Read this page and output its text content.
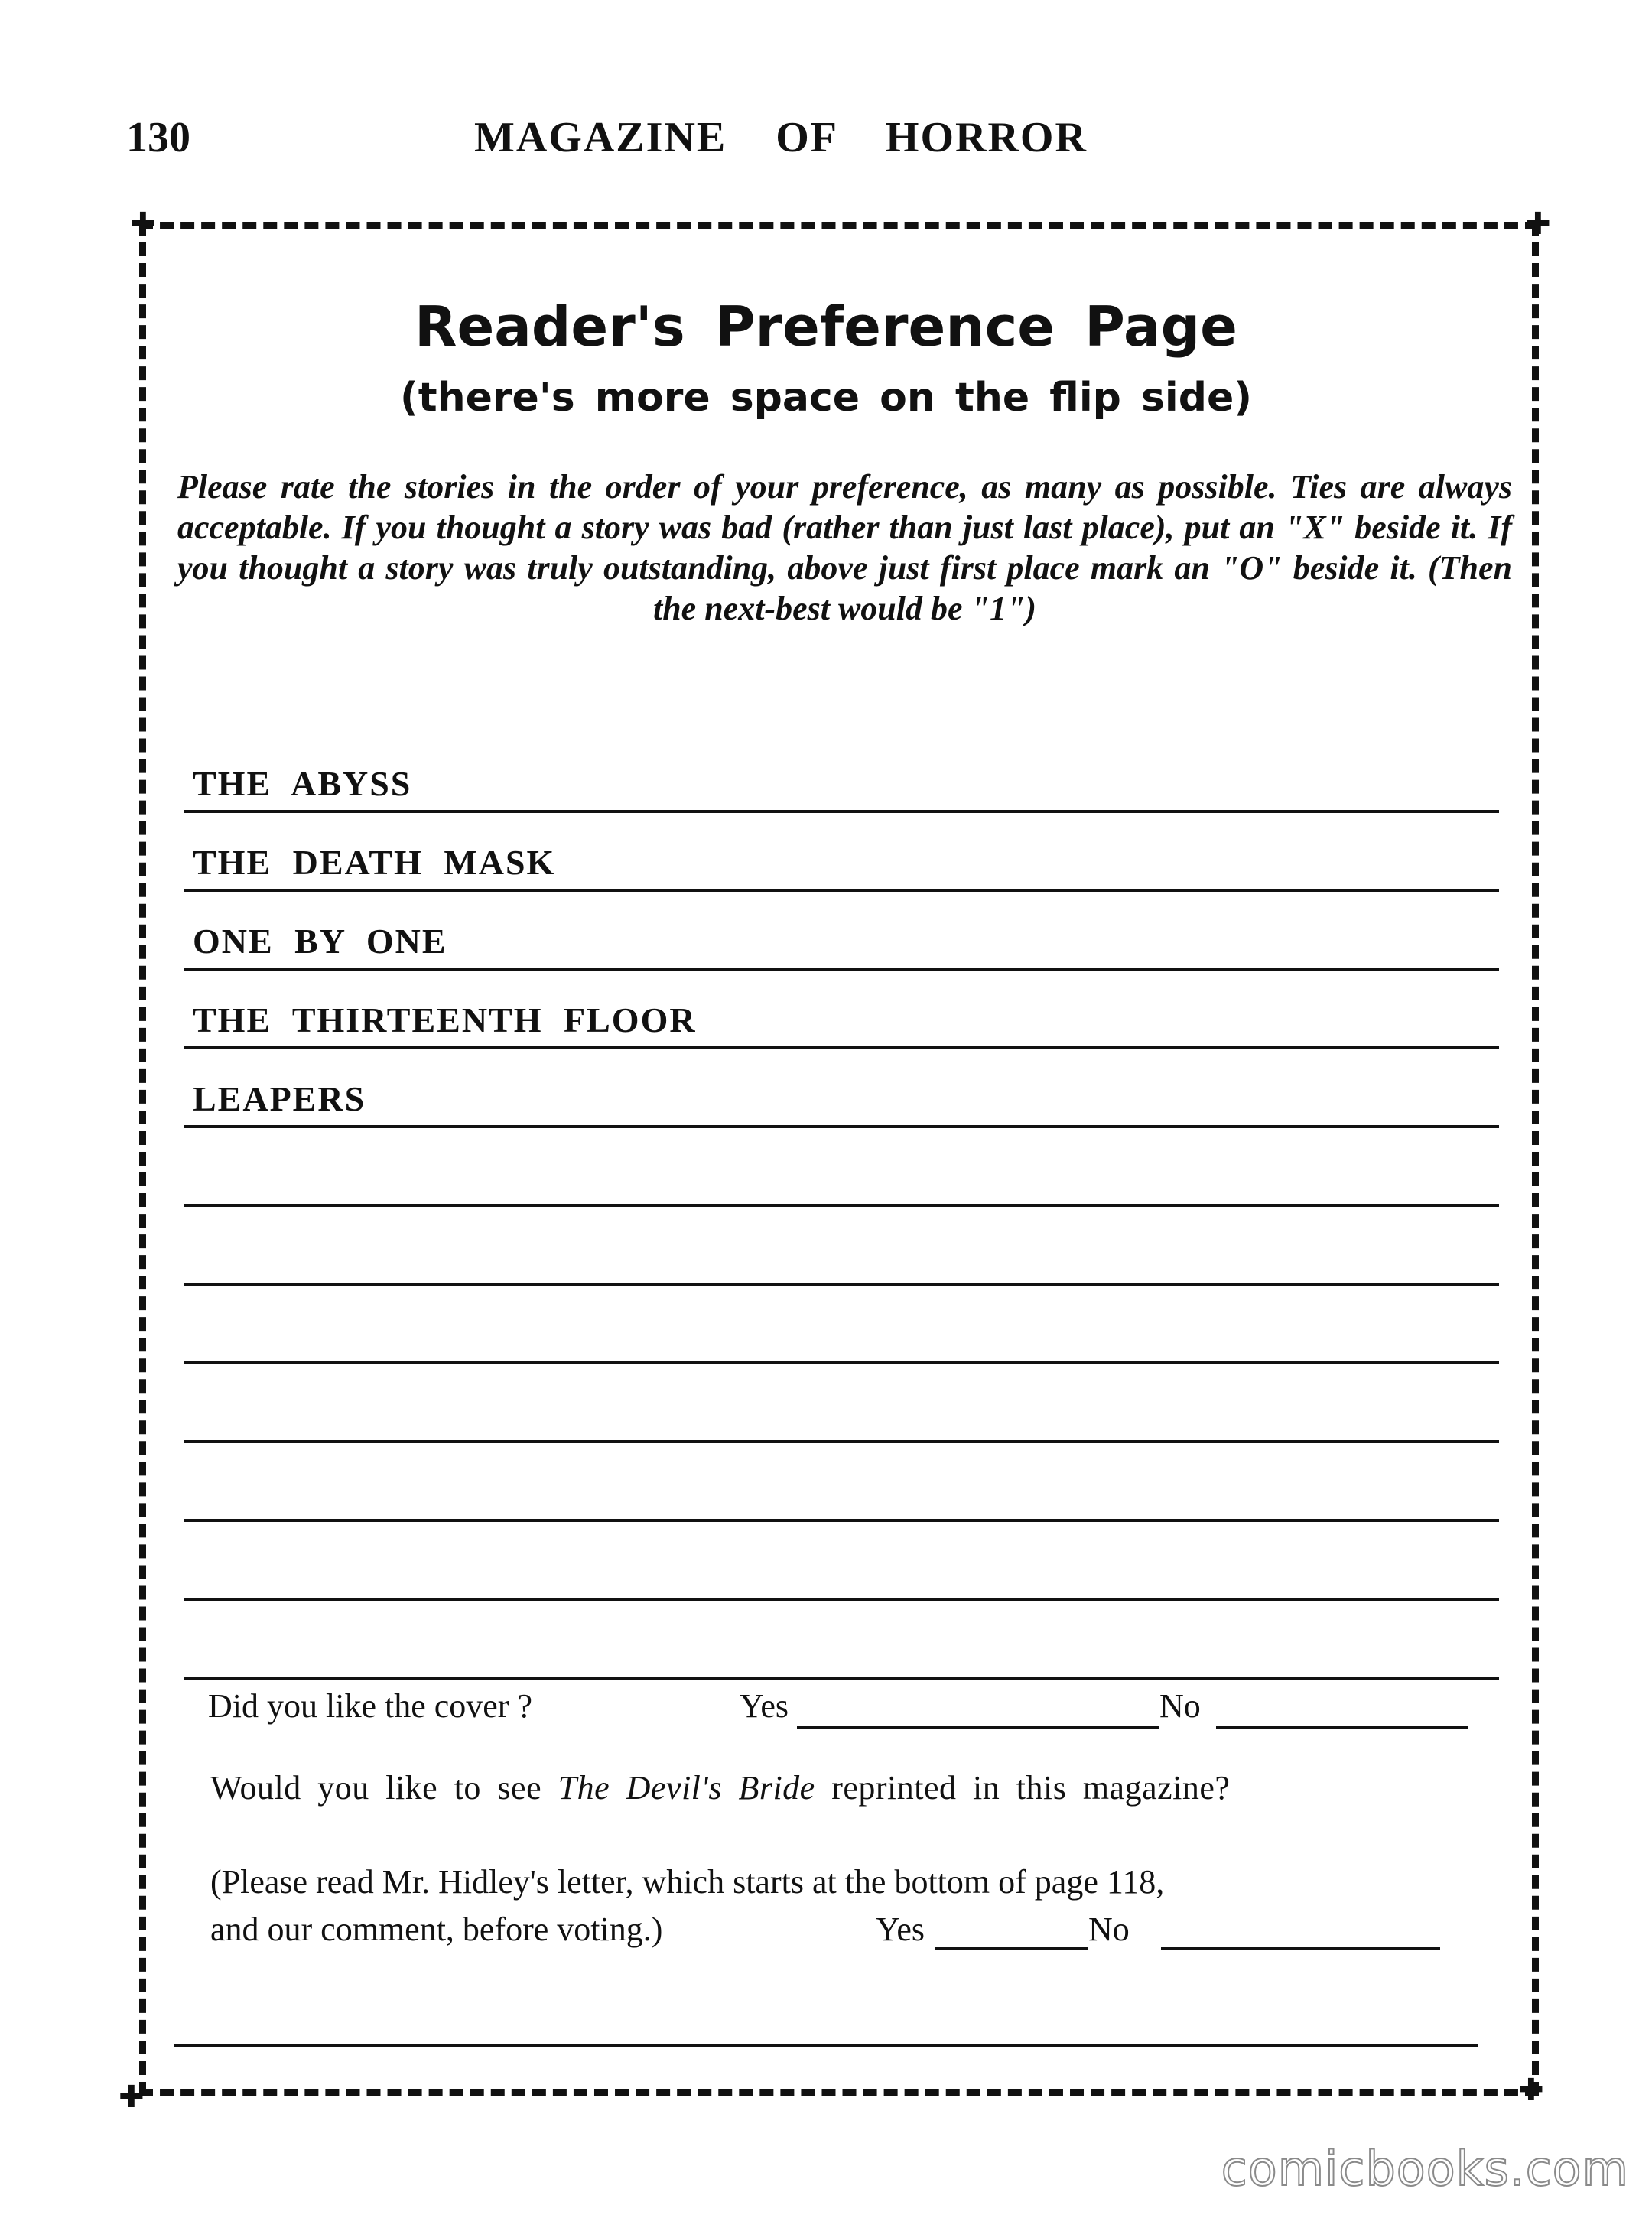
130	MAGAZINE OF HORROR
✚	✚
✚	✚
Reader's Preference Page
(there's more space on the flip side)
Please rate the stories in the order of your preference, as many as possible. Ties are always acceptable. If you thought a story was bad (rather than just last place), put an "X" beside it. If you thought a story was truly outstanding, above just first place mark an "O" beside it. (Then the next-best would be "1")
THE ABYSS
THE DEATH MASK
ONE BY ONE
THE THIRTEENTH FLOOR
LEAPERS
Did you like the cover ?	Yes	No
Would you like to see The Devil's Bride reprinted in this magazine?
(Please read Mr. Hidley's letter, which starts at the bottom of page 118,
and our comment, before voting.)	Yes	No
comicbooks.com
